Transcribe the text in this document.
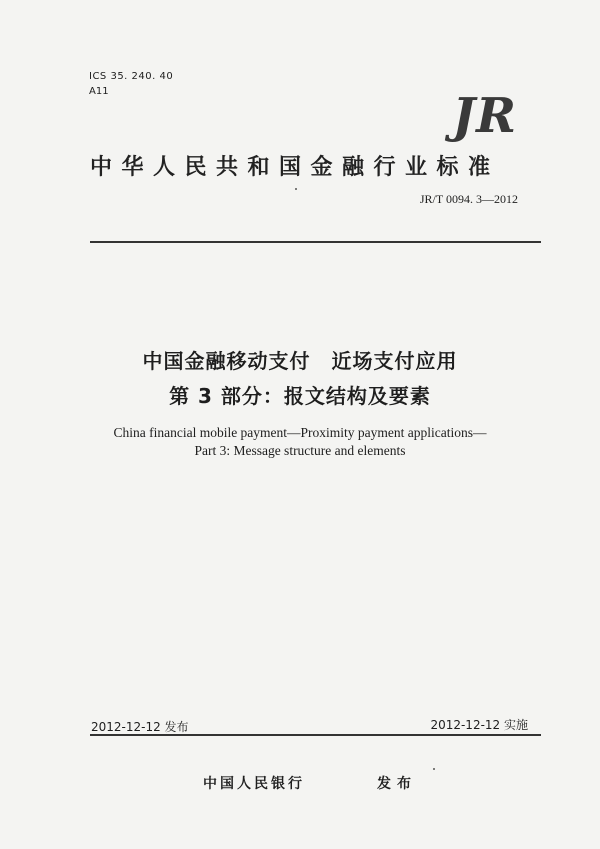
ICS 35. 240. 40
A11	JR
中华人民共和国金融行业标准
JR/T 0094. 3—2012
中国金融移动支付　近场支付应用
第 3 部分：报文结构及要素
China financial mobile payment—Proximity payment applications—
Part 3: Message structure and elements
2012-12-12 发布	2012-12-12 实施
中国人民银行	发布
